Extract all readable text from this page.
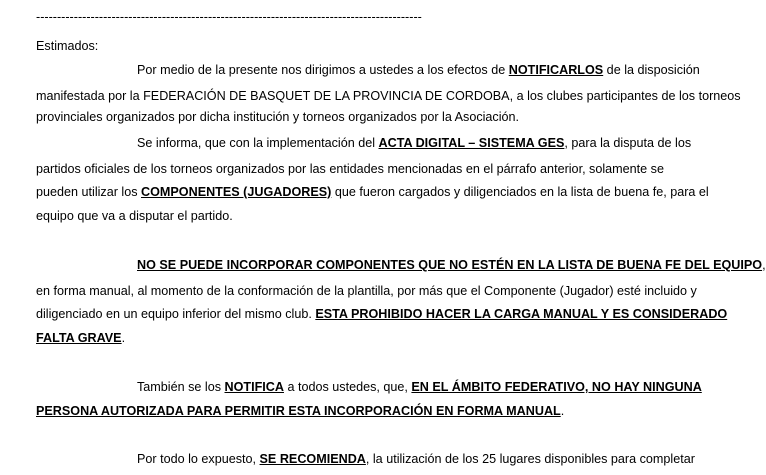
--------------------------------------------------------------------------------------------
Estimados:
Por medio de la presente nos dirigimos a ustedes a los efectos de NOTIFICARLOS de la disposición
manifestada por la FEDERACIÓN DE BASQUET DE LA PROVINCIA DE CORDOBA, a los clubes participantes de los torneos
provinciales organizados por dicha institución y torneos organizados por la Asociación.
Se informa, que con la implementación del ACTA DIGITAL – SISTEMA GES, para la disputa de los
partidos oficiales de los torneos organizados por las entidades mencionadas en el párrafo anterior, solamente se
pueden utilizar los COMPONENTES (JUGADORES) que fueron cargados y diligenciados en la lista de buena fe, para el
equipo que va a disputar el partido.
NO SE PUEDE INCORPORAR COMPONENTES QUE NO ESTÉN EN LA LISTA DE BUENA FE DEL EQUIPO,
en forma manual, al momento de la conformación de la plantilla, por más que el Componente (Jugador) esté incluido y
diligenciado en un equipo inferior del mismo club. ESTA PROHIBIDO HACER LA CARGA MANUAL Y ES CONSIDERADO
FALTA GRAVE.
También se los NOTIFICA a todos ustedes, que, EN EL ÁMBITO FEDERATIVO, NO HAY NINGUNA
PERSONA AUTORIZADA PARA PERMITIR ESTA INCORPORACIÓN EN FORMA MANUAL.
Por todo lo expuesto, SE RECOMIENDA, la utilización de los 25 lugares disponibles para completar
